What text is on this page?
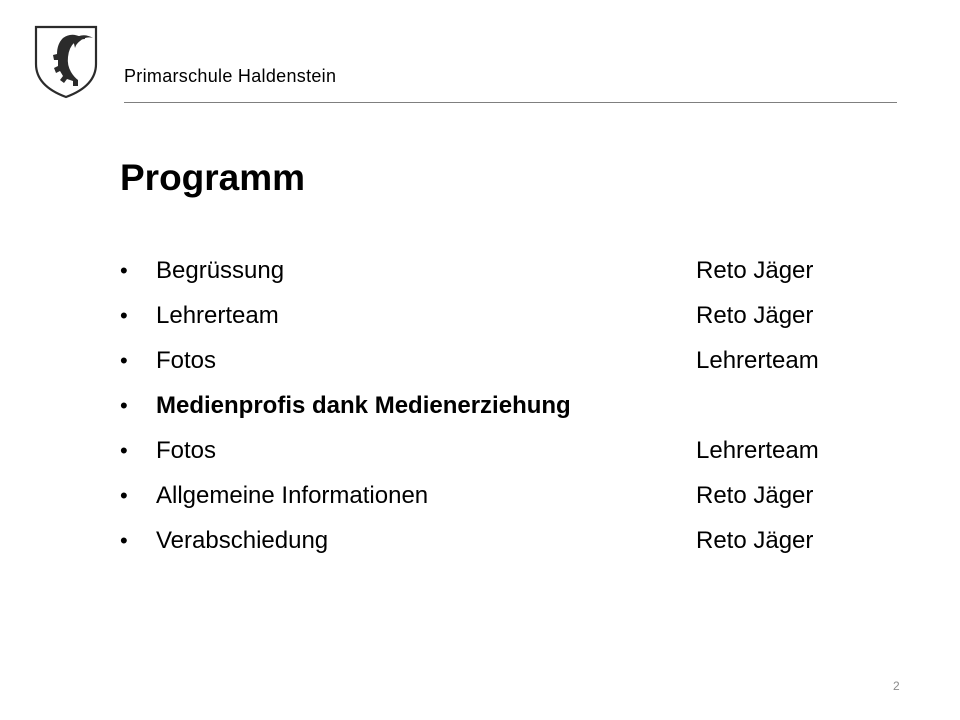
Primarschule Haldenstein
Programm
• Begrüssung	Reto Jäger
• Lehrerteam	Reto Jäger
• Fotos	Lehrerteam
• Medienprofis dank Medienerziehung
• Fotos	Lehrerteam
• Allgemeine Informationen	Reto Jäger
• Verabschiedung	Reto Jäger
2
